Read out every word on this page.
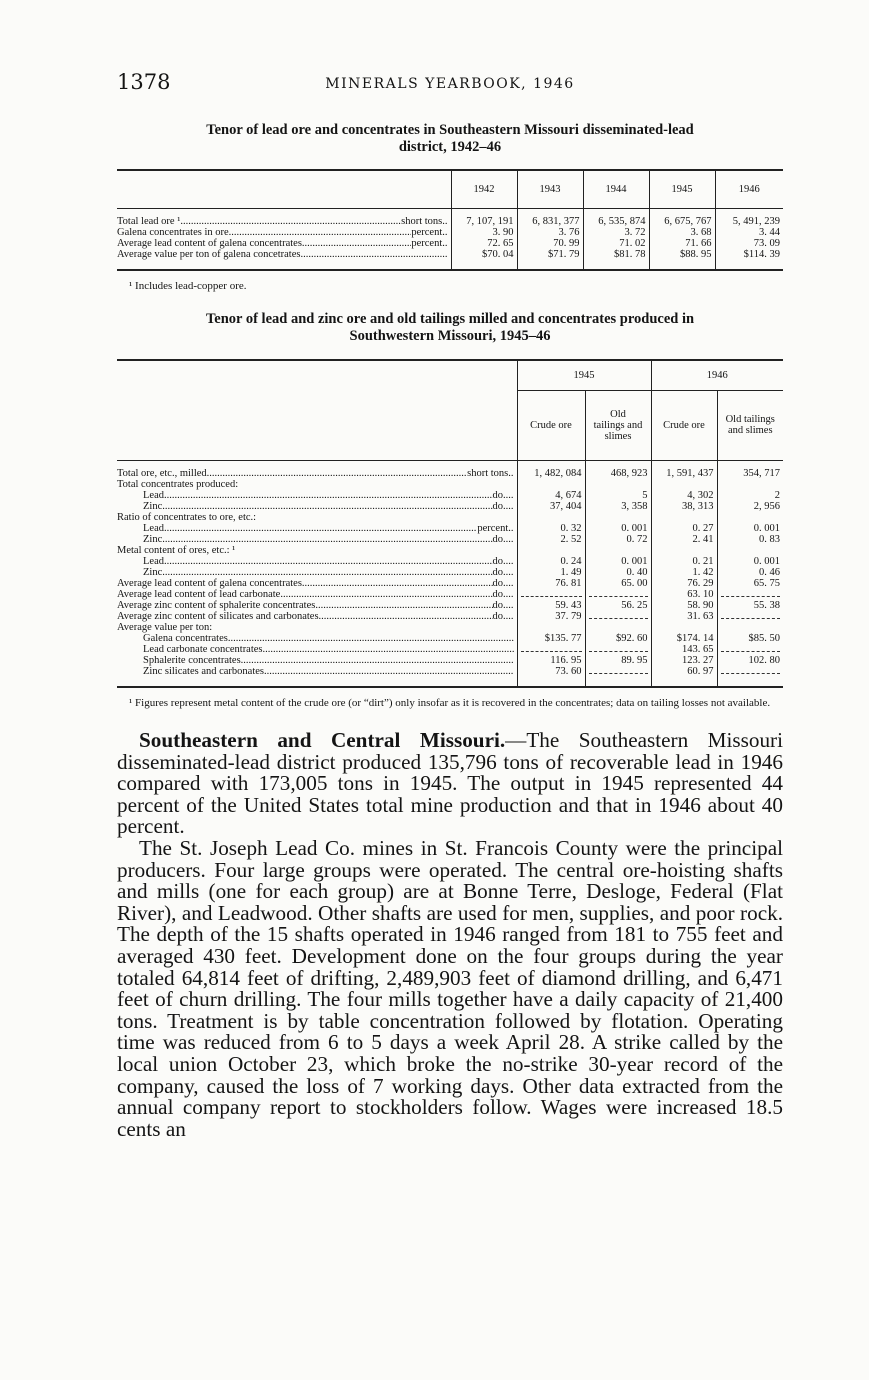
1378	MINERALS YEARBOOK, 1946
Tenor of lead ore and concentrates in Southeastern Missouri disseminated-lead
district, 1942–46
	1942	1943	1944	1945	1946

Total lead ore ¹ ..... short tons..	7, 107, 191	6, 831, 377	6, 535, 874	6, 675, 767	5, 491, 239

Galena concentrates in ore ..... percent..	3. 90	3. 76	3. 72	3. 68	3. 44

Average lead content of galena concentrates. ..... percent..	72. 65	70. 99	71. 02	71. 66	73. 09

Average value per ton of galena concetrates
.....	$70. 04	$71. 79	$81. 78	$88. 95	$114. 39

¹ Includes lead-copper ore.
Tenor of lead and zinc ore and old tailings milled and concentrates produced in
Southwestern Missouri, 1945–46
	1945		1946	
	Crude ore	Old tailings and slimes	Crude ore	Old tailings and slimes

Total ore, etc., milled ..... short tons..	1, 482, 084	468, 923	1, 591, 437	354, 717

Total concentrates produced:				

Lead ..... do....	4, 674	5	4, 302	2

Zinc ..... do....	37, 404	3, 358	38, 313	2, 956

Ratio of concentrates to ore, etc.:				

Lead ..... percent..	0. 32	0. 001	0. 27	0. 001

Zinc ..... do....	2. 52	0. 72	2. 41	0. 83

Metal content of ores, etc.: ¹				

Lead ..... do....	0. 24	0. 001	0. 21	0. 001

Zinc ..... do....	1. 49	0. 40	1. 42	0. 46

Average lead content of galena concentrates ..... do....	76. 81	65. 00	76. 29	65. 75

Average lead content of lead carbonate ..... do....			63. 10	

Average zinc content of sphalerite concentrates ..... do....	59. 43	56. 25	58. 90	55. 38

Average zinc content of silicates and carbonates ..... do....	37. 79		31. 63	

Average value per ton:				

Galena concentrates
.....	$135. 77	$92. 60	$174. 14	$85. 50

Lead carbonate concentrates
.....			143. 65	

Sphalerite concentrates
.....	116. 95	89. 95	123. 27	102. 80

Zinc silicates and carbonates
.....	73. 60		60. 97	

¹ Figures represent metal content of the crude ore (or “dirt”) only insofar as it is recovered in the concentrates; data on tailing losses not available.

Southeastern and Central Missouri.—The Southeastern Missouri disseminated-lead district produced 135,796 tons of recoverable lead in 1946 compared with 173,005 tons in 1945. The output in 1945 represented 44 percent of the United States total mine production and that in 1946 about 40 percent.

The St. Joseph Lead Co. mines in St. Francois County were the principal producers. Four large groups were operated. The central ore-hoisting shafts and mills (one for each group) are at Bonne Terre, Desloge, Federal (Flat River), and Leadwood. Other shafts are used for men, supplies, and poor rock. The depth of the 15 shafts operated in 1946 ranged from 181 to 755 feet and averaged 430 feet. Development done on the four groups during the year totaled 64,814 feet of drifting, 2,489,903 feet of diamond drilling, and 6,471 feet of churn drilling. The four mills together have a daily capacity of 21,400 tons. Treatment is by table concentration followed by flotation. Operating time was reduced from 6 to 5 days a week April 28. A strike called by the local union October 23, which broke the no-strike 30-year record of the company, caused the loss of 7 working days. Other data extracted from the annual company report to stockholders follow. Wages were increased 18.5 cents an
